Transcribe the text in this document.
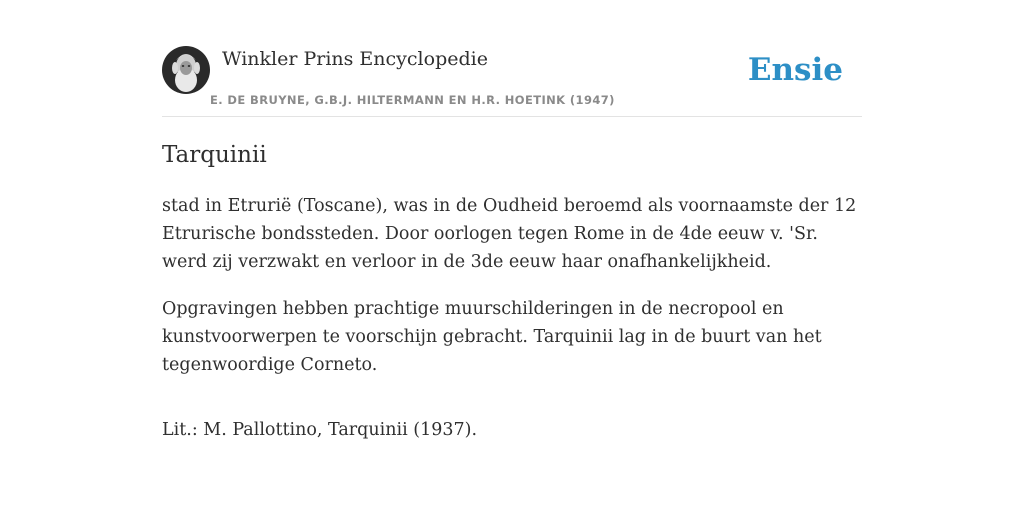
Winkler Prins Encyclopedie
E. DE BRUYNE, G.B.J. HILTERMANN EN H.R. HOETINK (1947)
Ensie
Tarquinii

stad in Etrurië (Toscane), was in de Oudheid beroemd als voornaamste der 12 Etrurische bondssteden. Door oorlogen tegen Rome in de 4de eeuw v. 'Sr. werd zij verzwakt en verloor in de 3de eeuw haar onafhankelijkheid.

Opgravingen hebben prachtige muurschilderingen in de necropool en kunstvoorwerpen te voorschijn gebracht. Tarquinii lag in de buurt van het tegenwoordige Corneto.

Lit.: M. Pallottino, Tarquinii (1937).
